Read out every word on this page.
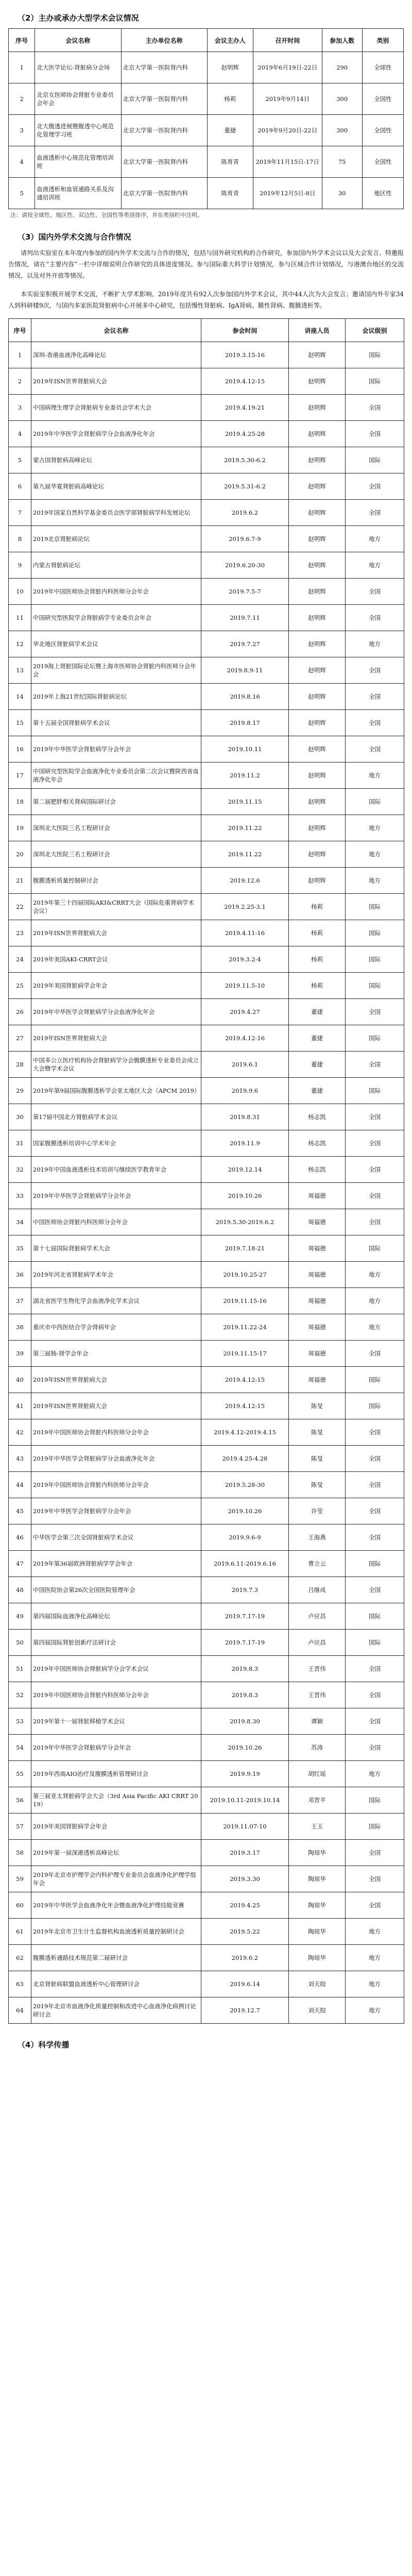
（2）主办或承办大型学术会议情况
序号	会议名称	主办单位名称	会议主办人	召开时间	参加人数	类别
1	北大医学论坛-肾脏病分会场	北京大学第一医院肾内科	赵明辉	2019年6月19日-22日	290	全球性
2	北京女医师协会肾脏专业委员会年会	北京大学第一医院肾内科	杨莉	2019年9月14日	300	全国性
3	北大腹透进展暨腹透中心规范化管理学习班	北京大学第一医院肾内科	董捷	2019年9月20日-22日	300	全国性
4	血液透析中心规范化管理培训班	北京大学第一医院肾内科	陈育青	2019年11月15日-17日	75	全国性
5	血液透析和血管通路关系及沟通培训班	北京大学第一医院肾内科	陈育青	2019年12月5日-8日	30	地区性
注：请按全球性、地区性、双边性、全国性等类别排序，并在类别栏中注明。
（3）国内外学术交流与合作情况

请列出实验室在本年度内参加的国内外学术交流与合作的情况，包括与国外研究机构的合作研究，参加国内外学术会议以及大会发言、特邀报告情况，请在“主要内容”一栏中详细说明合作研究的具体进度情况。参与国际重大科学计划情况，参与区域合作计划情况，与港澳台地区的交流情况，以及对外开放等情况。

本实验室积极开展学术交流，不断扩大学术影响。2019年度共有92人次参加国内外学术会议，其中44人次为大会发言；邀请国内外专家34人到科研楼9次，与国内多家医院肾脏病中心开展多中心研究，包括慢性肾脏病、IgA肾病、膜性肾病、腹膜透析等。

序号	会议名称	参会时间	讲座人员	会议级别
1	深圳-香港血液净化高峰论坛	2019.3.15-16	赵明辉	国际
2	2019年ISN世界肾脏病大会	2019.4.12-15	赵明辉	国际
3	中国病理生理学会肾脏病专业委员会学术大会	2019.4.19-21	赵明辉	全国
4	2019年中华医学会肾脏病学分会血液净化年会	2019.4.25-28	赵明辉	全国
5	蒙古国肾脏病高峰论坛	2019.5.30-6.2	赵明辉	国际
6	第九届华夏肾脏病高峰论坛	2019.5.31-6.2	赵明辉	全国
7	2019年国家自然科学基金委员会医学部肾脏病学科发展论坛	2019.6.2	赵明辉	全国
8	2019北京肾脏病论坛	2019.6.7-9	赵明辉	地方
9	内蒙古肾脏病论坛	2019.6.20-30	赵明辉	地方
10	2019年中国医师协会肾脏内科医师分会年会	2019.7.5-7	赵明辉	全国
11	中国研究型医院学会肾脏病学专业委员会年会	2019.7.11	赵明辉	全国
12	华北地区肾脏病学术会议	2019.7.27	赵明辉	地方
13	2019海上肾脏国际论坛暨上海市医师协会肾脏内科医师分会年会	2019.8.9-11	赵明辉	全国
14	2019年上海21世纪国际肾脏病论坛	2019.8.16	赵明辉	全国
15	第十五届全国肾脏病学术会议	2019.8.17	赵明辉	全国
16	2019年中华医学会肾脏病学分会年会	2019.10.11	赵明辉	全国
17	中国研究型医院学会血液净化专业委员会第二次会议暨陕西省血液净化年会	2019.11.2	赵明辉	地方
18	第二届肥胖相关肾病国际研讨会	2019.11.15	赵明辉	国际
19	深圳北大医院三名工程研讨会	2019.11.22	赵明辉	地方
20	深圳北大医院三名工程研讨会	2019.11.22	赵明辉	地方
21	腹膜透析质量控制研讨会	2019.12.6	赵明辉	地方
22	2019年第三十四届国际AKI&CRRT大会（国际危重肾病学术会议）	2019.2.25-3.1	杨莉	国际
23	2019年ISN世界肾脏病大会	2019.4.11-16	杨莉	国际
24	2019年美国AKI-CRRT会议	2019.3.2-4	杨莉	国际
25	2019年美国肾脏病学会年会	2019.11.5-10	杨莉	国际
26	2019年中华医学会肾脏病学分会血液净化年会	2019.4.27	董捷	全国
27	2019年ISN世界肾脏病大会	2019.4.12-16	董捷	国际
28	中国多公立医疗机构协会肾脏病学分会腹膜透析专业委员会成立大会暨学术会议	2019.6.1	董捷	全国
29	2019年第9届国际腹膜透析学会亚太地区大会（APCM 2019）	2019.9.6	董捷	国际
30	第17届中国北方肾脏病学术会议	2019.8.31	杨志凯	全国
31	国家腹膜透析培训中心学术年会	2019.11.9	杨志凯	全国
32	2019年中国血液透析技术培训与继续医学教育年会	2019.12.14	杨志凯	全国
33	2019年中华医学会肾脏病学分会年会	2019.10.26	周福德	全国
34	中国医师协会肾脏内科医师分会年会	2019.5.30-2019.6.2	周福德	全国
35	第十七届国际肾脏病学术大会	2019.7.18-21	周福德	国际
36	2019年河北省肾脏病学术年会	2019.10.25-27	周福德	地方
37	湖北省医学生物化学会血液净化学术会议	2019.11.15-16	周福德	地方
38	重庆市中西医结合学会肾病年会	2019.11.22-24	周福德	地方
39	第三届肠-肾学会年会	2019.11.15-17	周福德	全国
40	2019年ISN世界肾脏病大会	2019.4.12-15	周福德	国际
41	2019年ISN世界肾脏病大会	2019.4.12-15	陈旻	国际
42	2019年中国医师协会肾脏内科医师分会年会	2019.4.12-2019.4.15	陈旻	全国
43	2019年中华医学会肾脏病学分会血液净化年会	2019.4.25-4.28	陈旻	全国
44	2019年中国医师协会肾脏内科医师分会年会	2019.5.28-30	陈旻	全国
45	2019年中华医学会肾脏病学分会年会	2019.10.26	许莹	全国
46	中华医学会第三次全国肾脏病学术会议	2019.9.6-9	王海燕	全国
47	2019年第36届欧洲肾脏病学学会年会	2019.6.11-2019.6.16	曹立云	国际
48	中国医院协会第26次全国医院管理年会	2019.7.3	吕继成	全国
49	第四届国际血液净化高峰论坛	2019.7.17-19	卢应昌	国际
50	第四届国际肾脏创新疗法研讨会	2019.7.17-19	卢应昌	国际
51	2019年中国医师协会肾脏病学分会学术会议	2019.8.3	王晋伟	全国
52	2019年中国医师协会肾脏内科医师分会年会	2019.8.3	王晋伟	全国
53	2019年第十一届肾脏移植学术会议	2019.8.30	谭颖	全国
54	2019年中华医学会肾脏病学分会年会	2019.10.26	苏涛	全国
55	2019年西南AIO治疗及腹膜透析管理研讨会	2019.9.19	胡红瑶	地方
56	第三届亚太肾脏病学会大会（3rd Asia Pacific AKI CRRT 2019）	2019.10.11-2019.10.14	邓晋平	国际
57	2019年美国肾脏病学会年会	2019.11.07-10	王玉	国际
58	2019年第一届深港透析高峰论坛	2019.3.17	陶琼华	全国
59	2019年北京市护理学会内科护理专业委员会血液净化护理学组年会	2019.3.30	陶琼华	全国
60	2019年中华医学会血液净化年会暨血液净化护理技能竞赛	2019.4.25	陶琼华	全国
61	2019年北京市卫生计生监督机构血液透析质量控制研讨会	2019.5.22	陶琼华	地方
62	腹膜透析通路技术规范第二届研讨会	2019.6.2	陶琼华	地方
63	北京肾脏病联盟血液透析中心管理研讨会	2019.6.14	刘天胶	地方
64	2019年北京市血液净化质量控制和改进中心血液净化病例讨论研讨会	2019.12.7	刘天胶	地方
（4）科学传播
